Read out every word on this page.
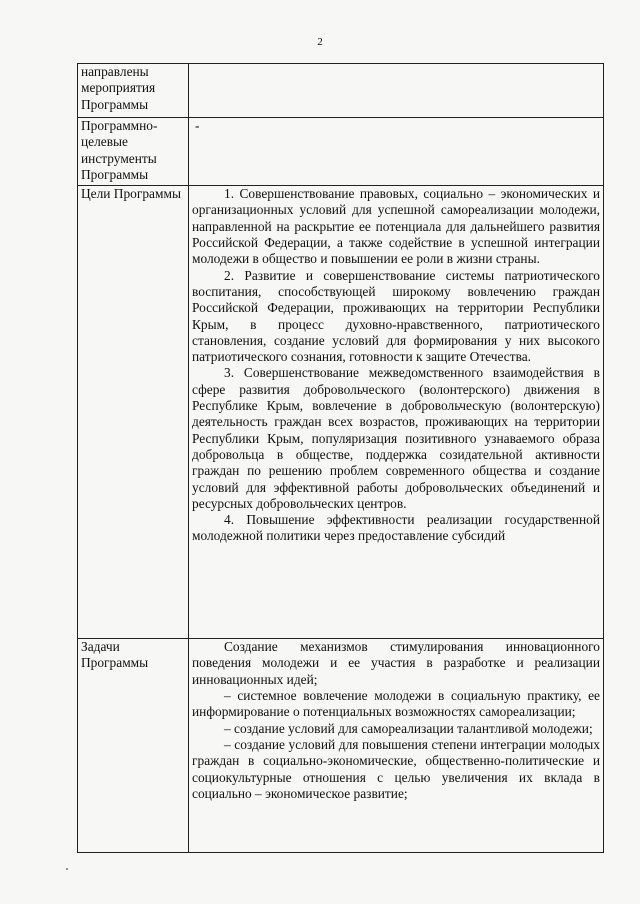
2
направлены мероприятия Программы	
Программно-целевые инструменты Программы	-
Цели Программы	1. Совершенствование правовых, социально – экономических и организационных условий для успешной самореализации молодежи, направленной на раскрытие ее потенциала для дальнейшего развития Российской Федерации, а также содействие в успешной интеграции молодежи в общество и повышении ее роли в жизни страны.

2. Развитие и совершенствование системы патриотического воспитания, способствующей широкому вовлечению граждан Российской Федерации, проживающих на территории Республики Крым, в процесс духовно-нравственного, патриотического становления, создание условий для формирования у них высокого патриотического сознания, готовности к защите Отечества.

3. Совершенствование межведомственного взаимодействия в сфере развития добровольческого (волонтерского) движения в Республике Крым, вовлечение в добровольческую (волонтерскую) деятельность граждан всех возрастов, проживающих на территории Республики Крым, популяризация позитивного узнаваемого образа добровольца в обществе, поддержка созидательной активности граждан по решению проблем современного общества и создание условий для эффективной работы добровольческих объединений и ресурсных добровольческих центров.

4. Повышение эффективности реализации государственной молодежной политики через предоставление субсидий

Задачи Программы	Создание механизмов стимулирования инновационного поведения молодежи и ее участия в разработке и реализации инновационных идей;

– системное вовлечение молодежи в социальную практику, ее информирование о потенциальных возможностях самореализации;

– создание условий для самореализации талантливой молодежи;

– создание условий для повышения степени интеграции молодых граждан в социально-экономические, общественно-политические и социокультурные отношения с целью увеличения их вклада в социально – экономическое развитие;
